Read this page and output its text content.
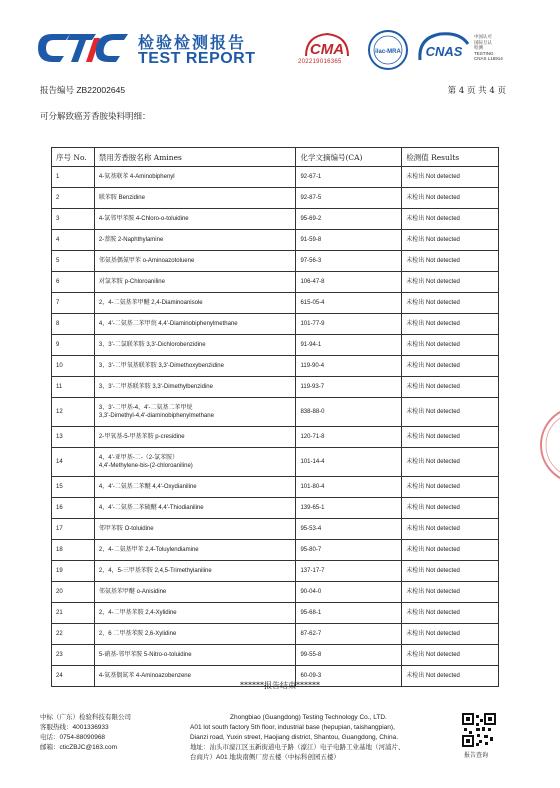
检验检测报告
TEST REPORT
CMA
202219016365
ilac-MRA CNAS
中国认可
国际互认
检测
TESTING
CNAS L16914
报告编号 ZB22002645	第 4 页 共 4 页
可分解致癌芳香胺染料明细：
序号 No.	禁用芳香胺名称 Amines	化学文摘编号(CA)	检测值 Results
1	4-氨基联苯 4-Aminobiphenyl	92-67-1	未检出 Not detected
2	联苯胺 Benzidine	92-87-5	未检出 Not detected
3	4-氯邻甲苯胺 4-Chloro-o-toluidine	95-69-2	未检出 Not detected
4	2-萘胺 2-Naphthylamine	91-59-8	未检出 Not detected
5	邻氨基偶氮甲苯 o-Aminoazotoluene	97-56-3	未检出 Not detected
6	对氯苯胺 p-Chloroaniline	106-47-8	未检出 Not detected
7	2，4-二氨基苯甲醚 2,4-Diaminoanisole	615-05-4	未检出 Not detected
8	4，4'-二氨基二苯甲烷 4,4'-Diaminobiphenylmethane	101-77-9	未检出 Not detected
9	3，3'-二氯联苯胺 3,3'-Dichlorobenzidine	91-94-1	未检出 Not detected
10	3，3'-二甲氧基联苯胺 3,3'-Dimethoxybenzidine	119-90-4	未检出 Not detected
11	3，3'-二甲基联苯胺 3,3'-Dimethylbenzidine	119-93-7	未检出 Not detected
12	3，3'-二甲基-4，4'-二氨基二苯甲烷
3,3'-Dimethyl-4,4'-diaminobiphenylmethane	838-88-0	未检出 Not detected
13	2-甲氧基-5-甲基苯胺 p-cresidine	120-71-8	未检出 Not detected
14	4，4'-亚甲基-二-（2-氯苯胺）
4,4'-Methylene-bis-(2-chloroaniline)	101-14-4	未检出 Not detected
15	4，4'-二氨基二苯醚 4,4'-Oxydianiline	101-80-4	未检出 Not detected
16	4，4'-二氨基二苯硫醚 4,4'-Thiodianiline	139-65-1	未检出 Not detected
17	邻甲苯胺 O-toluidine	95-53-4	未检出 Not detected
18	2，4-二氨基甲苯 2,4-Toluylendiamine	95-80-7	未检出 Not detected
19	2，4，5-三甲基苯胺 2,4,5-Trimethylaniline	137-17-7	未检出 Not detected
20	邻氨基苯甲醚 o-Anisidine	90-04-0	未检出 Not detected
21	2，4-二甲基苯胺 2,4-Xylidine	95-68-1	未检出 Not detected
22	2，6 二甲基苯胺 2,6-Xylidine	87-62-7	未检出 Not detected
23	5-硝基-邻甲苯胺 5-Nitro-o-toluidine	99-55-8	未检出 Not detected
24	4-氨基偶氮苯 4-Aminoazobenzene	60-09-3	未检出 Not detected
******报告结束******
中标（广东）检验科技有限公司
客服热线：4001336933
电话：0754-88090968
邮箱：cticZBJC@163.com
Zhongbiao (Guangdong) Testing Technology Co., LTD.
A01 lot south factory 5th floor, industrial base (hepupian, taishangpian),
Dianzi road, Yuxin street, Haojiang district, Shantou, Guangdong, China.
地址：汕头市濠江区玉新街道电子路（濠江）电子电路工业基地（河浦片、
台商片）A01 地块南侧厂房五楼（中标科创园五楼）	报告查询
